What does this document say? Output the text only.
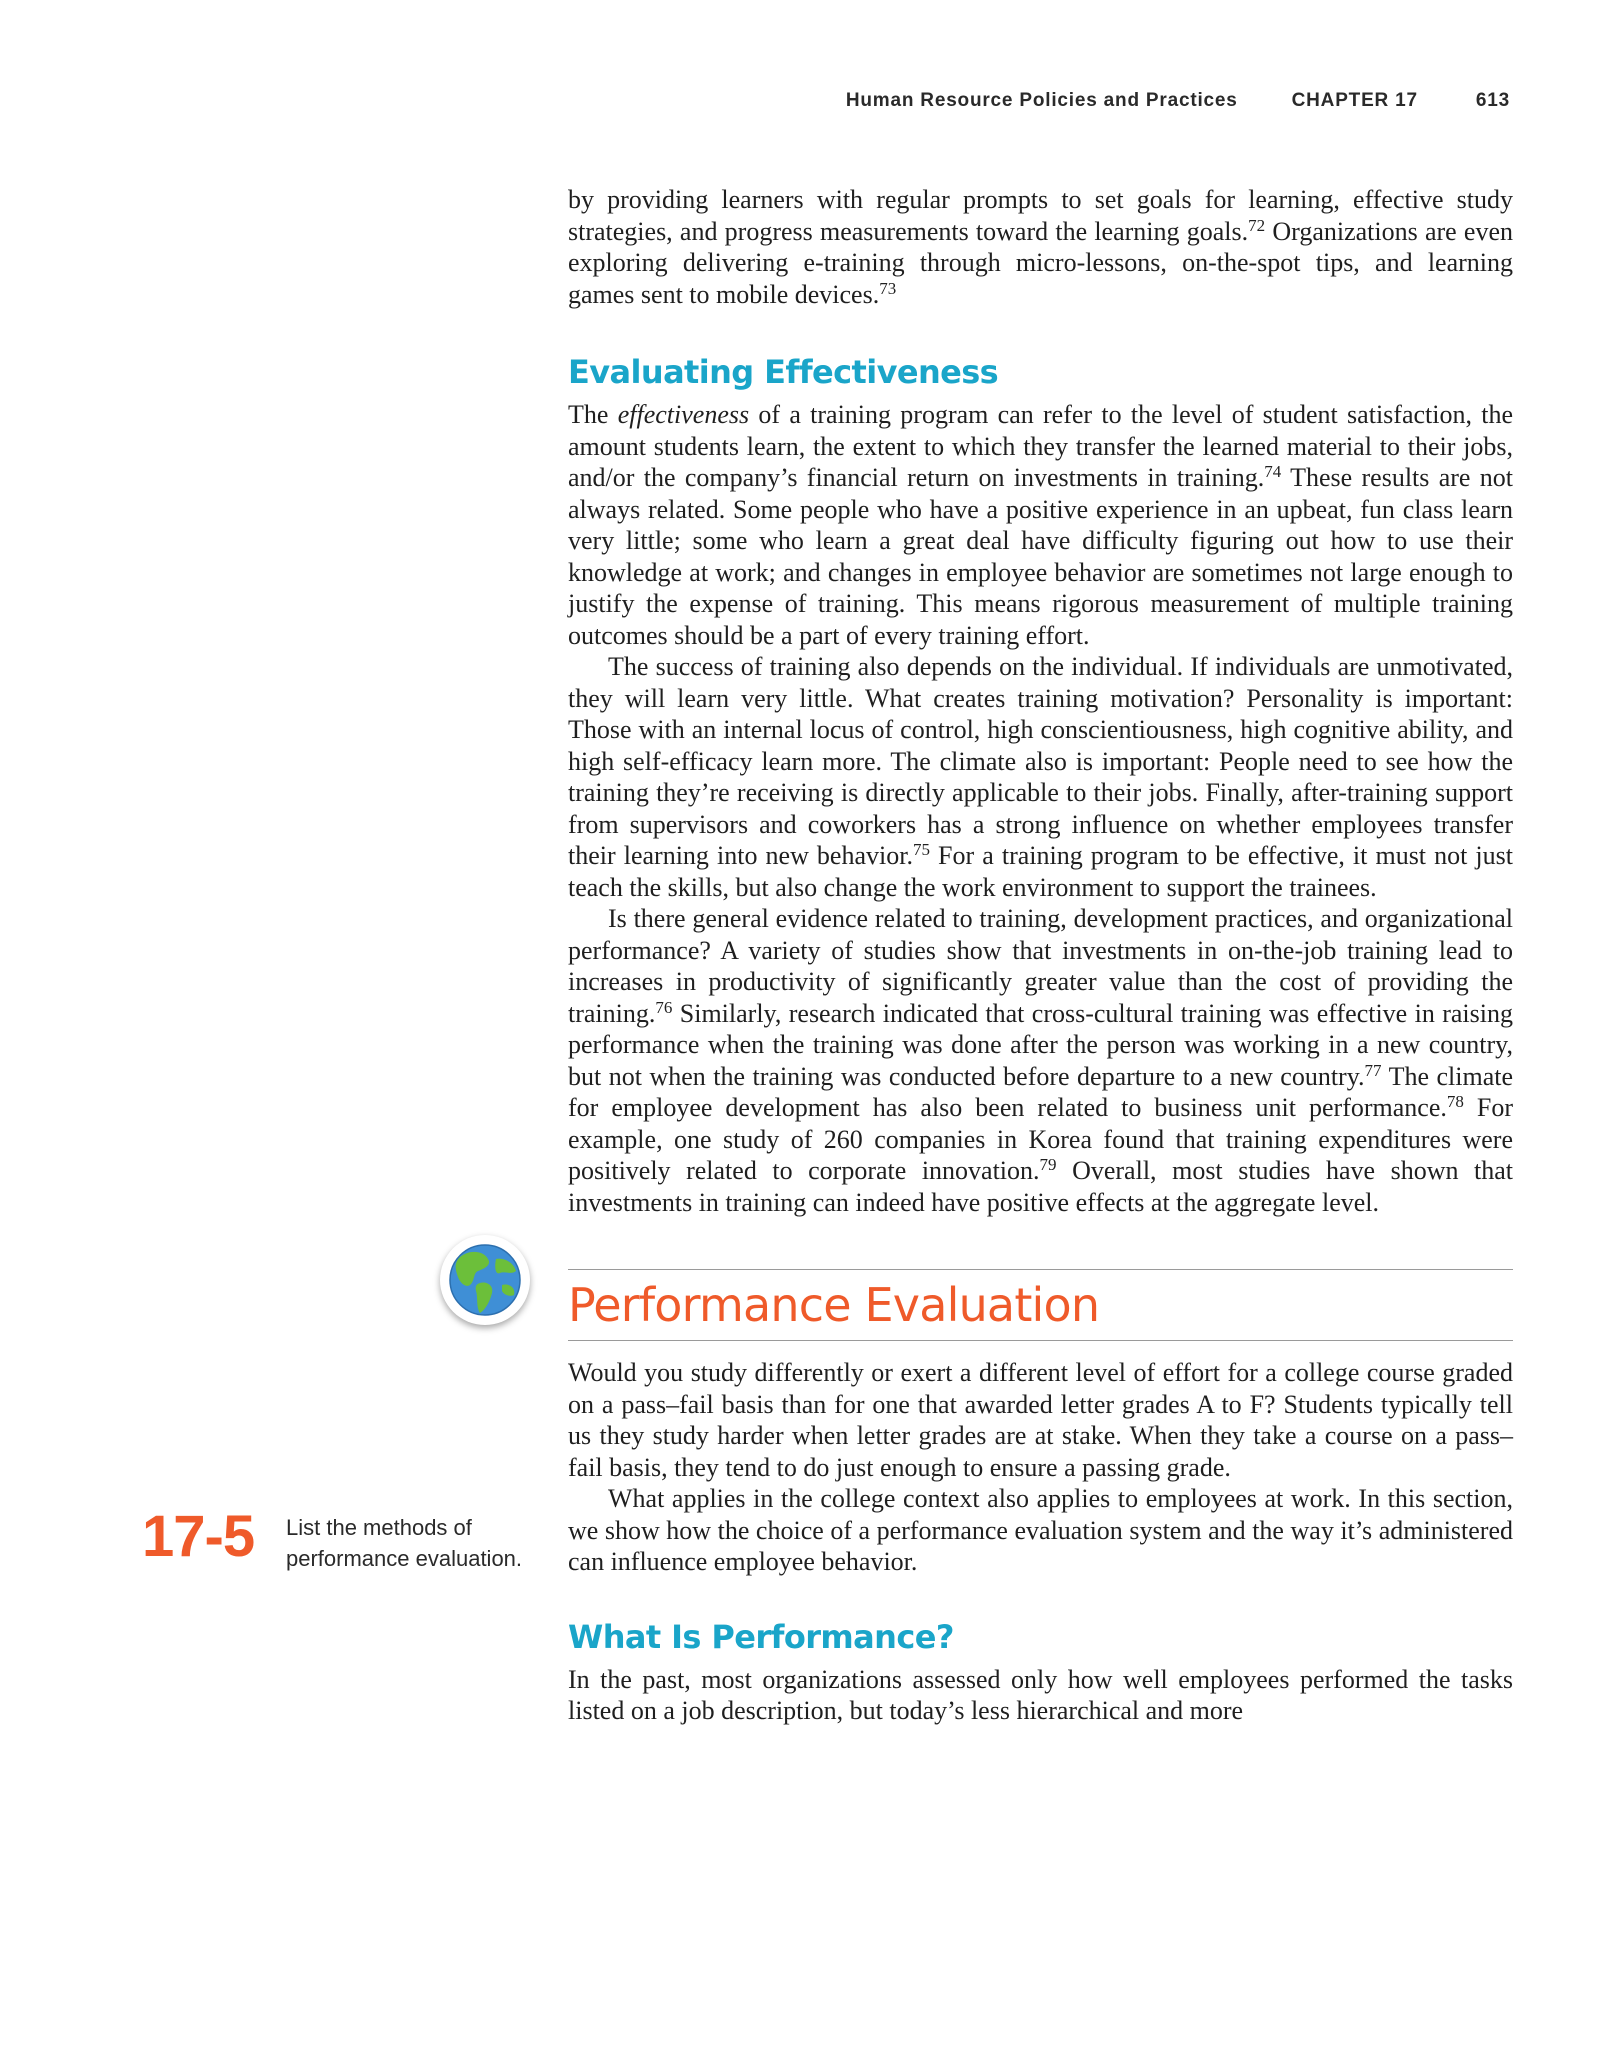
Human Resource Policies and Practices	CHAPTER 17	613

by providing learners with regular prompts to set goals for learning, effective study strategies, and progress measurements toward the learning goals.$^{72}$ Organizations are even exploring delivering e-training through micro-lessons, on-the-spot tips, and learning games sent to mobile devices.$^{73}$

Evaluating Effectiveness

The effectiveness of a training program can refer to the level of student satisfaction, the amount students learn, the extent to which they transfer the learned material to their jobs, and/or the company’s financial return on investments in training.$^{74}$ These results are not always related. Some people who have a positive experience in an upbeat, fun class learn very little; some who learn a great deal have difficulty figuring out how to use their knowledge at work; and changes in employee behavior are sometimes not large enough to justify the expense of training. This means rigorous measurement of multiple training outcomes should be a part of every training effort.

The success of training also depends on the individual. If individuals are unmotivated, they will learn very little. What creates training motivation? Personality is important: Those with an internal locus of control, high conscientiousness, high cognitive ability, and high self-efficacy learn more. The climate also is important: People need to see how the training they’re receiving is directly applicable to their jobs. Finally, after-training support from supervisors and coworkers has a strong influence on whether employees transfer their learning into new behavior.$^{75}$ For a training program to be effective, it must not just teach the skills, but also change the work environment to support the trainees.

Is there general evidence related to training, development practices, and organizational performance? A variety of studies show that investments in on-the-job training lead to increases in productivity of significantly greater value than the cost of providing the training.$^{76}$ Similarly, research indicated that cross-cultural training was effective in raising performance when the training was done after the person was working in a new country, but not when the training was conducted before departure to a new country.$^{77}$ The climate for employee development has also been related to business unit performance.$^{78}$ For example, one study of 260 companies in Korea found that training expenditures were positively related to corporate innovation.$^{79}$ Overall, most studies have shown that investments in training can indeed have positive effects at the aggregate level.

Performance Evaluation

Would you study differently or exert a different level of effort for a college course graded on a pass–fail basis than for one that awarded letter grades A to F? Students typically tell us they study harder when letter grades are at stake. When they take a course on a pass–fail basis, they tend to do just enough to ensure a passing grade.

What applies in the college context also applies to employees at work. In this section, we show how the choice of a performance evaluation system and the way it’s administered can influence employee behavior.

What Is Performance?

In the past, most organizations assessed only how well employees performed the tasks listed on a job description, but today’s less hierarchical and more

17-5 List the methods of performance evaluation.
